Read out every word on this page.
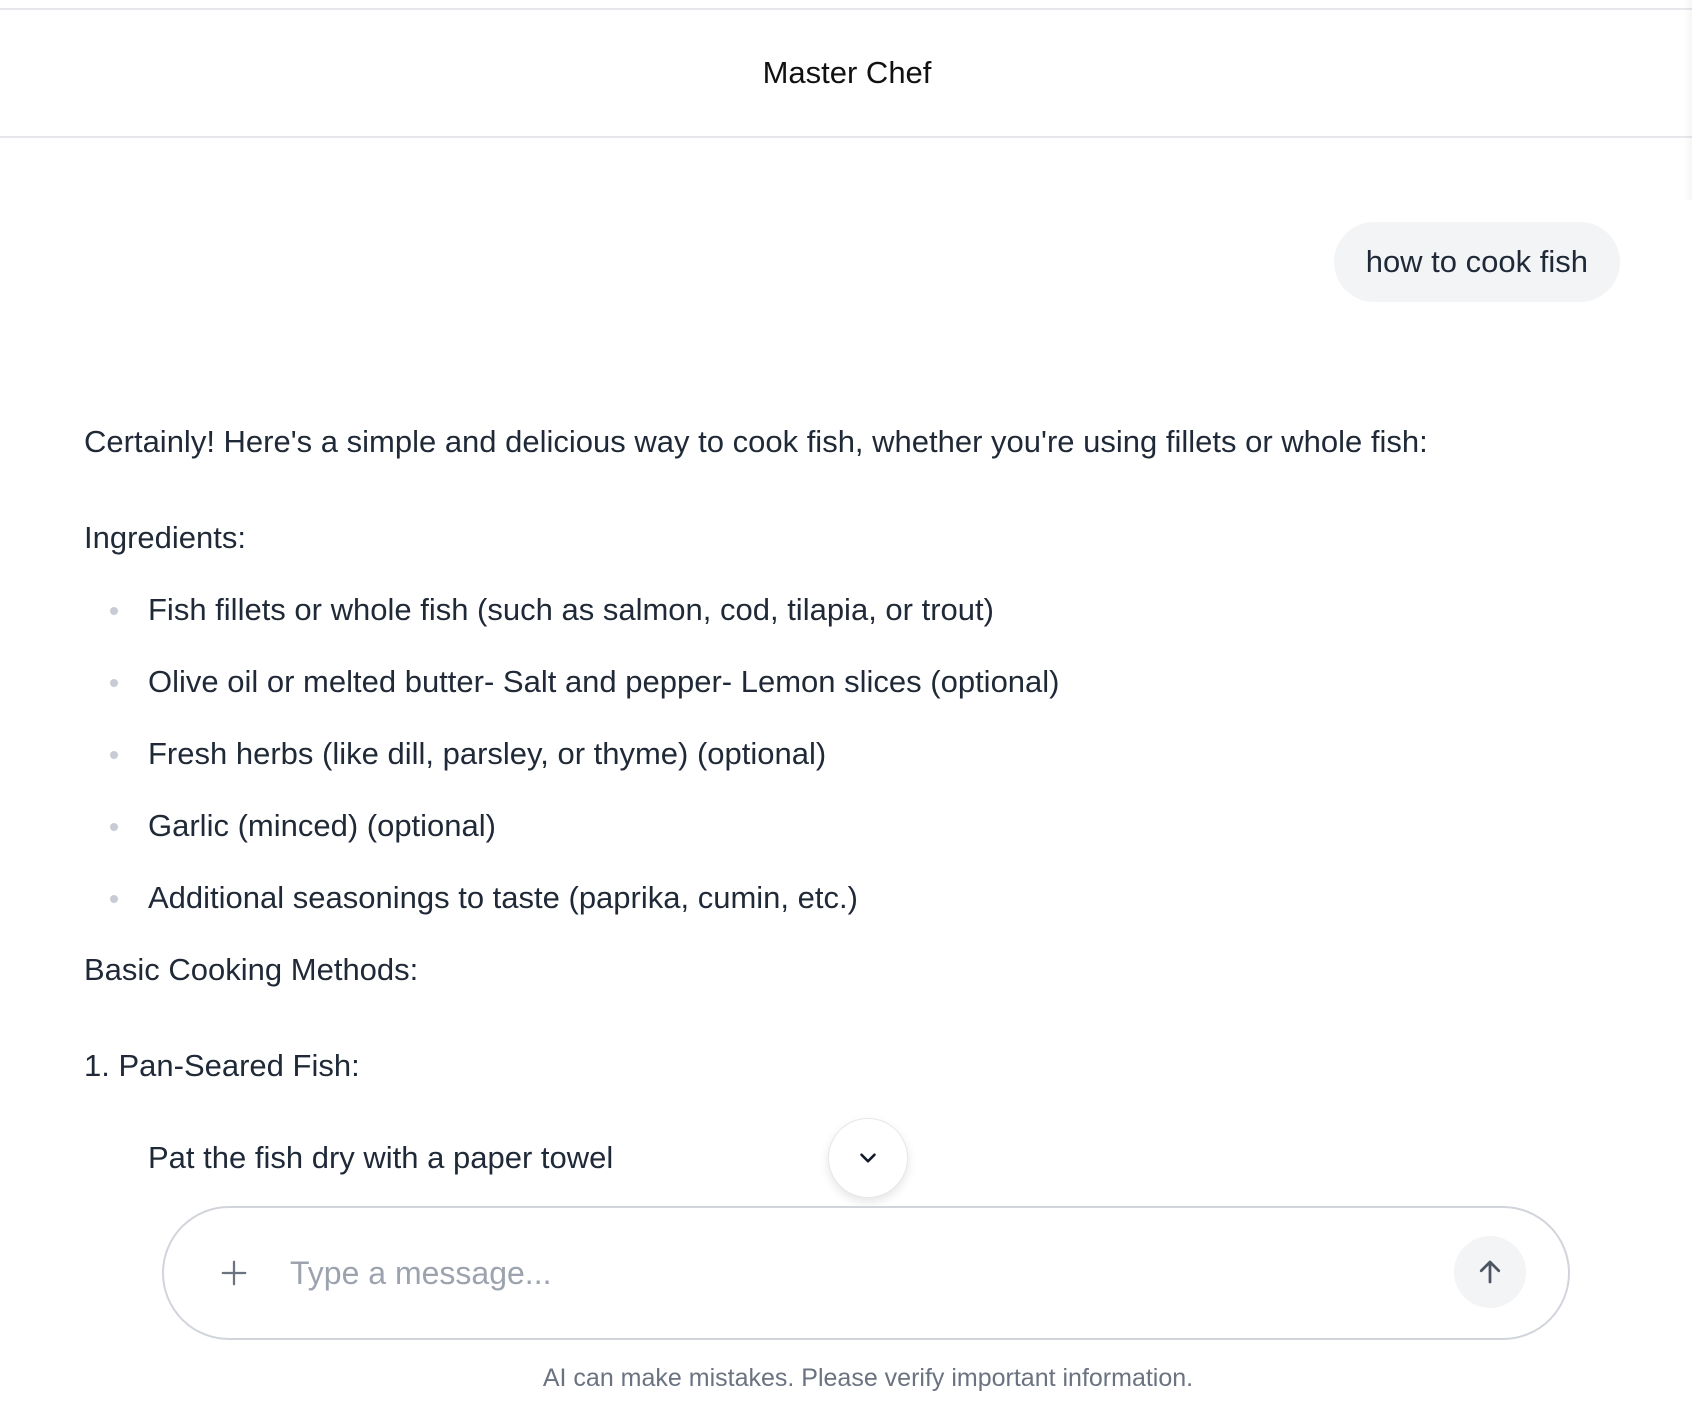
Master Chef
how to cook fish

Certainly! Here's a simple and delicious way to cook fish, whether you're using fillets or whole fish:

Ingredients:

Fish fillets or whole fish (such as salmon, cod, tilapia, or trout)
Olive oil or melted butter- Salt and pepper- Lemon slices (optional)
Fresh herbs (like dill, parsley, or thyme) (optional)
Garlic (minced) (optional)
Additional seasonings to taste (paprika, cumin, etc.)

Basic Cooking Methods:

1. Pan-Seared Fish:

Pat the fish dry with a paper towel

Type a message...
AI can make mistakes. Please verify important information.
